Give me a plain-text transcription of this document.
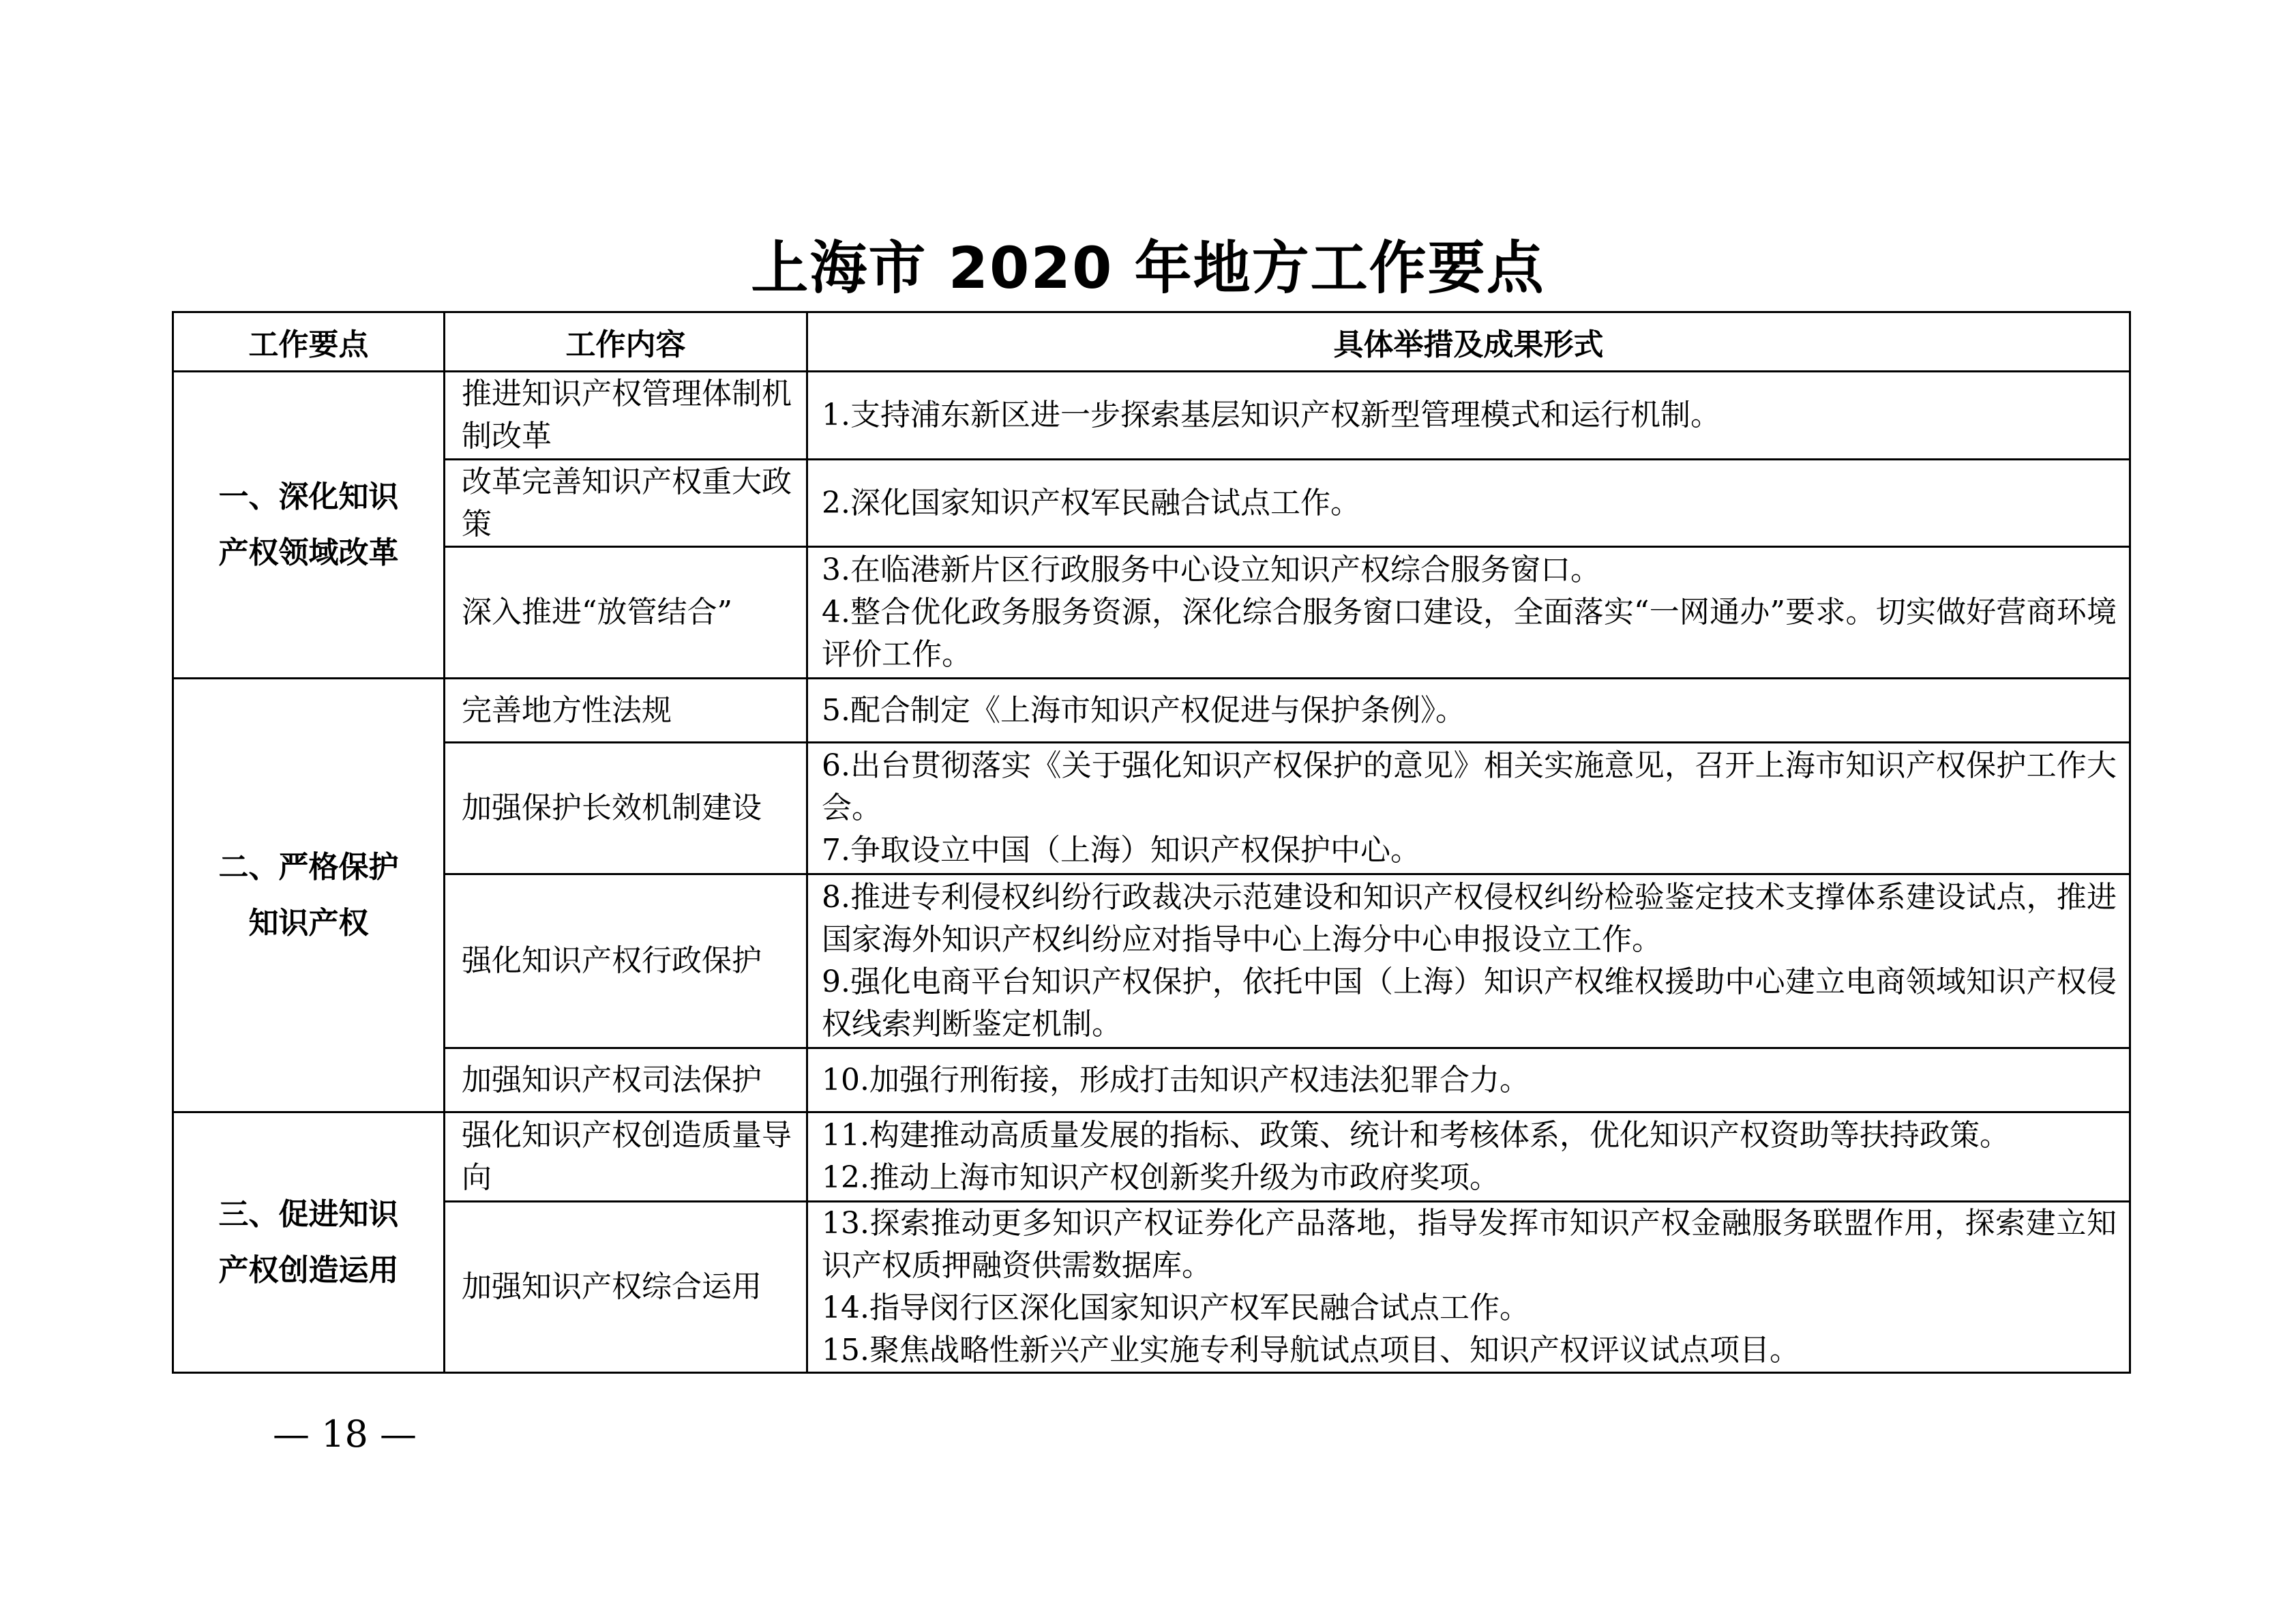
上海市 2020 年地方工作要点
工作要点	工作内容	具体举措及成果形式
一、深化知识产权领域改革	推进知识产权管理体制机制改革	1.支持浦东新区进一步探索基层知识产权新型管理模式和运行机制。

	改革完善知识产权重大政策	2.深化国家知识产权军民融合试点工作。

	深入推进“放管结合”	3.在临港新片区行政服务中心设立知识产权综合服务窗口。
4.整合优化政务服务资源，深化综合服务窗口建设，全面落实“一网通办”要求。切实做好营商环境评价工作。

二、严格保护知识产权	完善地方性法规	5.配合制定《上海市知识产权促进与保护条例》。

	加强保护长效机制建设	6.出台贯彻落实《关于强化知识产权保护的意见》相关实施意见，召开上海市知识产权保护工作大会。
7.争取设立中国（上海）知识产权保护中心。

	强化知识产权行政保护	8.推进专利侵权纠纷行政裁决示范建设和知识产权侵权纠纷检验鉴定技术支撑体系建设试点，推进国家海外知识产权纠纷应对指导中心上海分中心申报设立工作。
9.强化电商平台知识产权保护，依托中国（上海）知识产权维权援助中心建立电商领域知识产权侵权线索判断鉴定机制。

	加强知识产权司法保护	10.加强行刑衔接，形成打击知识产权违法犯罪合力。

三、促进知识产权创造运用	强化知识产权创造质量导向	11.构建推动高质量发展的指标、政策、统计和考核体系，优化知识产权资助等扶持政策。
12.推动上海市知识产权创新奖升级为市政府奖项。

	加强知识产权综合运用	13.探索推动更多知识产权证券化产品落地，指导发挥市知识产权金融服务联盟作用，探索建立知识产权质押融资供需数据库。
14.指导闵行区深化国家知识产权军民融合试点工作。
15.聚焦战略性新兴产业实施专利导航试点项目、知识产权评议试点项目。
— 18 —
